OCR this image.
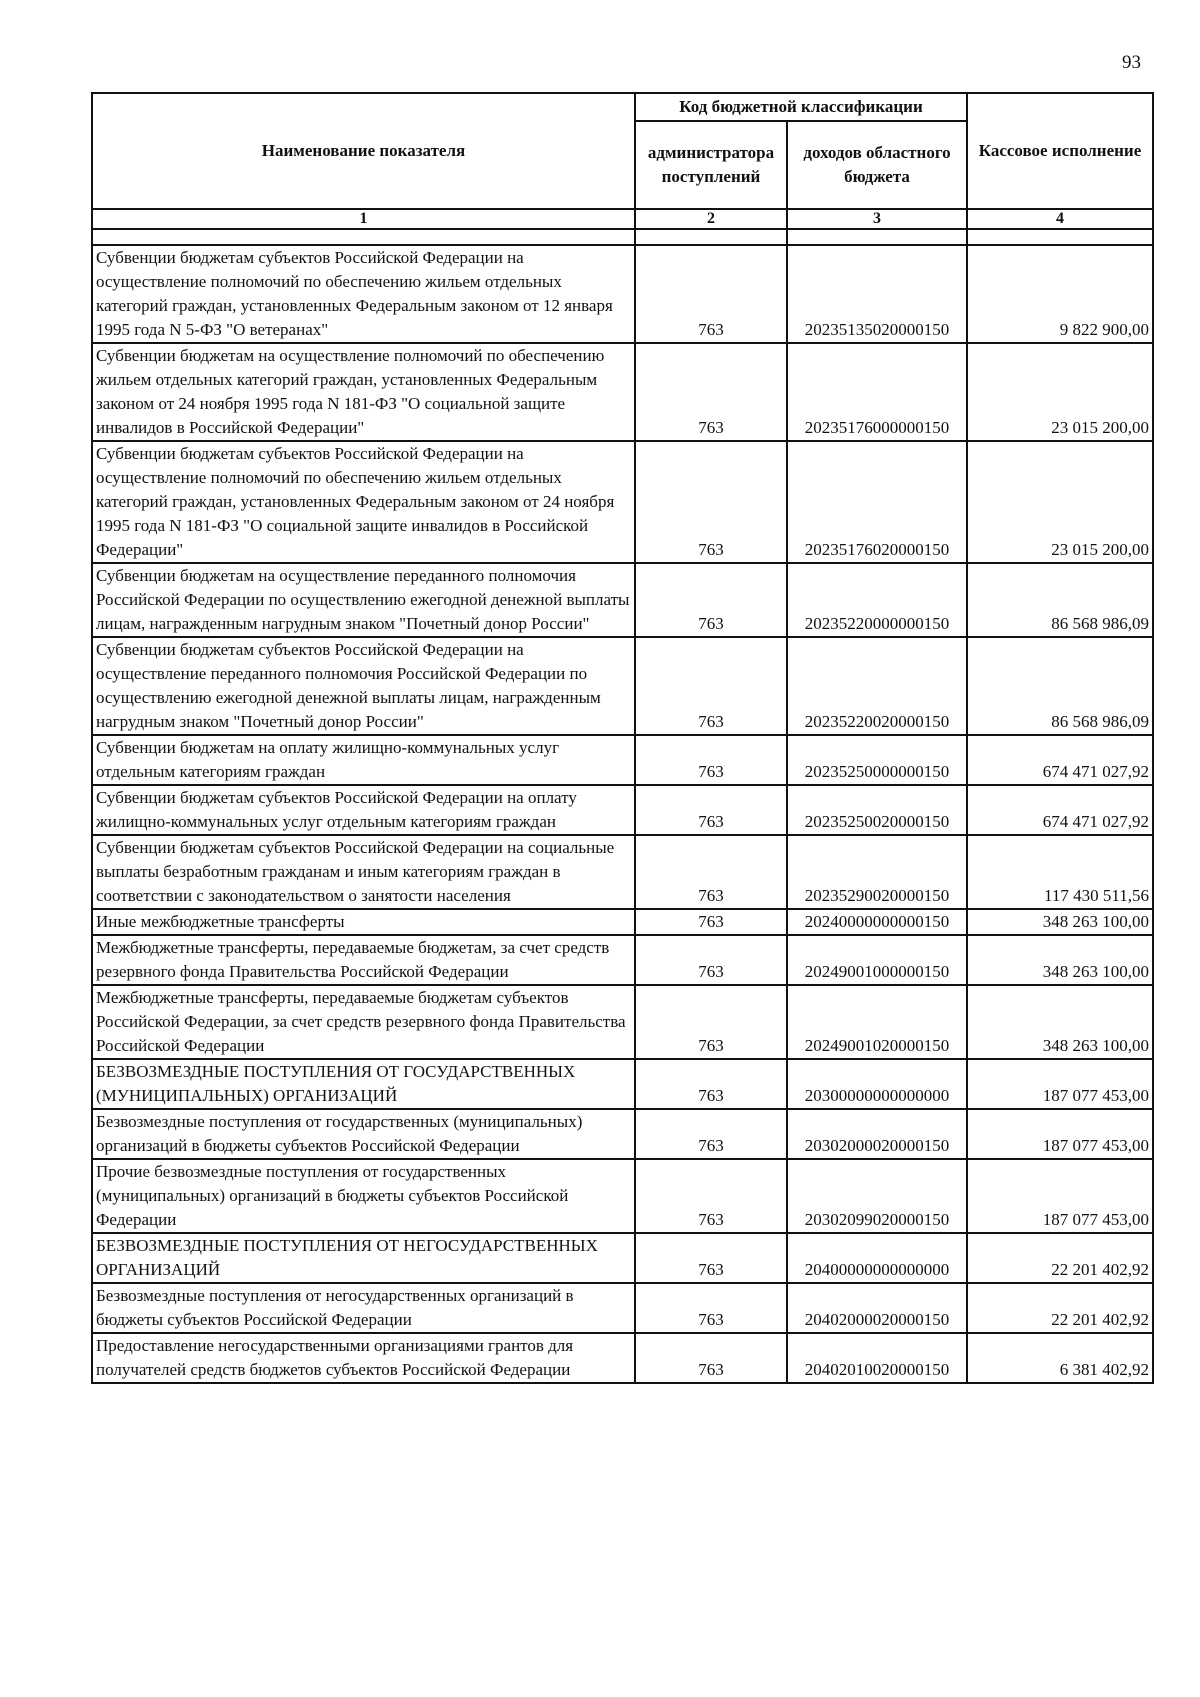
93
Наименование показателя	Код бюджетной классификации		Кассовое исполнение
	администратора поступлений	доходов областного бюджета	
1	2	3	4

Субвенции бюджетам субъектов Российской Федерации на осуществление полномочий по обеспечению жильем отдельных категорий граждан, установленных Федеральным законом от 12 января 1995 года N 5-ФЗ "О ветеранах"	763	20235135020000150	9 822 900,00
Субвенции бюджетам на осуществление полномочий по обеспечению жильем отдельных категорий граждан, установленных Федеральным законом от 24 ноября 1995 года N 181-ФЗ "О социальной защите инвалидов в Российской Федерации"	763	20235176000000150	23 015 200,00
Субвенции бюджетам субъектов Российской Федерации на осуществление полномочий по обеспечению жильем отдельных категорий граждан, установленных Федеральным законом от 24 ноября 1995 года N 181-ФЗ "О социальной защите инвалидов в Российской Федерации"	763	20235176020000150	23 015 200,00
Субвенции бюджетам на осуществление переданного полномочия Российской Федерации по осуществлению ежегодной денежной выплаты лицам, награжденным нагрудным знаком "Почетный донор России"	763	20235220000000150	86 568 986,09
Субвенции бюджетам субъектов Российской Федерации на осуществление переданного полномочия Российской Федерации по осуществлению ежегодной денежной выплаты лицам, награжденным нагрудным знаком "Почетный донор России"	763	20235220020000150	86 568 986,09
Субвенции бюджетам на оплату жилищно-коммунальных услуг отдельным категориям граждан	763	20235250000000150	674 471 027,92
Субвенции бюджетам субъектов Российской Федерации на оплату жилищно-коммунальных услуг отдельным категориям граждан	763	20235250020000150	674 471 027,92
Субвенции бюджетам субъектов Российской Федерации на социальные выплаты безработным гражданам и иным категориям граждан в соответствии с законодательством о занятости населения	763	20235290020000150	117 430 511,56
Иные межбюджетные трансферты	763	20240000000000150	348 263 100,00
Межбюджетные трансферты, передаваемые бюджетам, за счет средств резервного фонда Правительства Российской Федерации	763	20249001000000150	348 263 100,00
Межбюджетные трансферты, передаваемые бюджетам субъектов Российской Федерации, за счет средств резервного фонда Правительства Российской Федерации	763	20249001020000150	348 263 100,00
БЕЗВОЗМЕЗДНЫЕ ПОСТУПЛЕНИЯ ОТ ГОСУДАРСТВЕННЫХ (МУНИЦИПАЛЬНЫХ) ОРГАНИЗАЦИЙ	763	20300000000000000	187 077 453,00
Безвозмездные поступления от государственных (муниципальных) организаций в бюджеты субъектов Российской Федерации	763	20302000020000150	187 077 453,00
Прочие безвозмездные поступления от государственных (муниципальных) организаций в бюджеты субъектов Российской Федерации	763	20302099020000150	187 077 453,00
БЕЗВОЗМЕЗДНЫЕ ПОСТУПЛЕНИЯ ОТ НЕГОСУДАРСТВЕННЫХ ОРГАНИЗАЦИЙ	763	20400000000000000	22 201 402,92
Безвозмездные поступления от негосударственных организаций в бюджеты субъектов Российской Федерации	763	20402000020000150	22 201 402,92
Предоставление негосударственными организациями грантов для получателей средств бюджетов субъектов Российской Федерации	763	20402010020000150	6 381 402,92
